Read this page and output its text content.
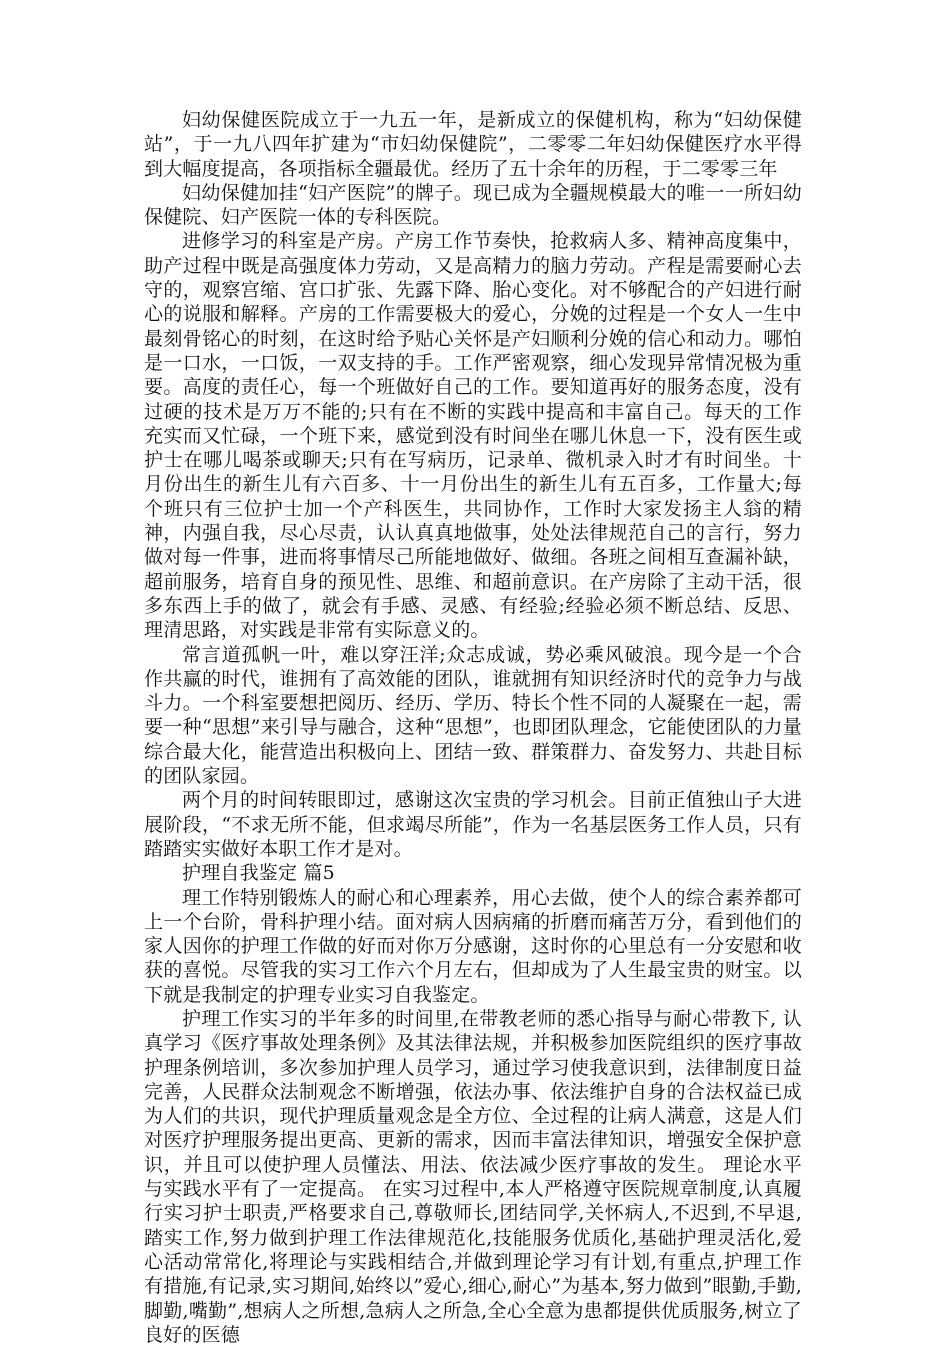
妇幼保健医院成立于一九五一年，是新成立的保健机构，称为“妇幼保健站”，于一九八四年扩建为“市妇幼保健院”，二零零二年妇幼保健医疗水平得到大幅度提高，各项指标全疆最优。经历了五十余年的历程，于二零零三年

妇幼保健加挂“妇产医院”的牌子。现已成为全疆规模最大的唯一一所妇幼保健院、妇产医院一体的专科医院。

进修学习的科室是产房。产房工作节奏快，抢救病人多、精神高度集中，助产过程中既是高强度体力劳动，又是高精力的脑力劳动。产程是需要耐心去守的，观察宫缩、宫口扩张、先露下降、胎心变化。对不够配合的产妇进行耐心的说服和解释。产房的工作需要极大的爱心，分娩的过程是一个女人一生中最刻骨铭心的时刻，在这时给予贴心关怀是产妇顺利分娩的信心和动力。哪怕是一口水，一口饭，一双支持的手。工作严密观察，细心发现异常情况极为重要。高度的责任心，每一个班做好自己的工作。要知道再好的服务态度，没有过硬的技术是万万不能的;只有在不断的实践中提高和丰富自己。每天的工作充实而又忙碌，一个班下来，感觉到没有时间坐在哪儿休息一下，没有医生或护士在哪儿喝茶或聊天;只有在写病历，记录单、微机录入时才有时间坐。十月份出生的新生儿有六百多、十一月份出生的新生儿有五百多，工作量大;每个班只有三位护士加一个产科医生，共同协作，工作时大家发扬主人翁的精神，内强自我，尽心尽责，认认真真地做事，处处法律规范自己的言行，努力做对每一件事，进而将事情尽己所能地做好、做细。各班之间相互查漏补缺，超前服务，培育自身的预见性、思维、和超前意识。在产房除了主动干活，很多东西上手的做了，就会有手感、灵感、有经验;经验必须不断总结、反思、理清思路，对实践是非常有实际意义的。

常言道孤帆一叶，难以穿汪洋;众志成诚，势必乘风破浪。现今是一个合作共赢的时代，谁拥有了高效能的团队，谁就拥有知识经济时代的竞争力与战斗力。一个科室要想把阅历、经历、学历、特长个性不同的人凝聚在一起，需要一种“思想”来引导与融合，这种“思想”，也即团队理念，它能使团队的力量综合最大化，能营造出积极向上、团结一致、群策群力、奋发努力、共赴目标的团队家园。

两个月的时间转眼即过，感谢这次宝贵的学习机会。目前正值独山子大进展阶段，“不求无所不能，但求竭尽所能”，作为一名基层医务工作人员，只有踏踏实实做好本职工作才是对。

护理自我鉴定 篇5

理工作特别锻炼人的耐心和心理素养，用心去做，使个人的综合素养都可上一个台阶，骨科护理小结。面对病人因病痛的折磨而痛苦万分，看到他们的家人因你的护理工作做的好而对你万分感谢，这时你的心里总有一分安慰和收获的喜悦。尽管我的实习工作六个月左右，但却成为了人生最宝贵的财宝。以下就是我制定的护理专业实习自我鉴定。

护理工作实习的半年多的时间里,在带教老师的悉心指导与耐心带教下, 认真学习《医疗事故处理条例》及其法律法规，并积极参加医院组织的医疗事故护理条例培训，多次参加护理人员学习，通过学习使我意识到，法律制度日益完善，人民群众法制观念不断增强，依法办事、依法维护自身的合法权益已成为人们的共识，现代护理质量观念是全方位、全过程的让病人满意，这是人们对医疗护理服务提出更高、更新的需求，因而丰富法律知识，增强安全保护意识，并且可以使护理人员懂法、用法、依法减少医疗事故的发生。 理论水平与实践水平有了一定提高。 在实习过程中,本人严格遵守医院规章制度,认真履行实习护士职责,严格要求自己,尊敬师长,团结同学,关怀病人,不迟到,不早退,踏实工作,努力做到护理工作法律规范化,技能服务优质化,基础护理灵活化,爱心活动常常化,将理论与实践相结合,并做到理论学习有计划,有重点,护理工作有措施,有记录,实习期间,始终以”爱心,细心,耐心”为基本,努力做到”眼勤,手勤,脚勤,嘴勤”,想病人之所想,急病人之所急,全心全意为患都提供优质服务,树立了良好的医德
